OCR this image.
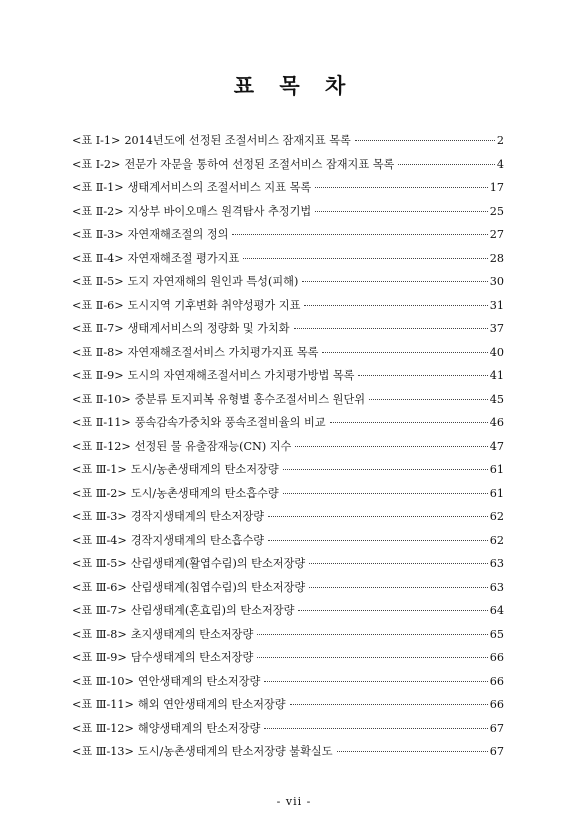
표 목 차
<표 Ⅰ-1> 2014년도에 선정된 조절서비스 잠재지표 목록	2
<표 Ⅰ-2> 전문가 자문을 통하여 선정된 조절서비스 잠재지표 목록	4
<표 Ⅱ-1> 생태계서비스의 조절서비스 지표 목록	17
<표 Ⅱ-2> 지상부 바이오매스 원격탐사 추정기법	25
<표 Ⅱ-3> 자연재해조절의 정의	27
<표 Ⅱ-4> 자연재해조절 평가지표	28
<표 Ⅱ-5> 도지 자연재해의 원인과 특성(피해)	30
<표 Ⅱ-6> 도시지역 기후변화 취약성평가 지표	31
<표 Ⅱ-7> 생태계서비스의 정량화 및 가치화	37
<표 Ⅱ-8> 자연재해조절서비스 가치평가지표 목록	40
<표 Ⅱ-9> 도시의 자연재해조절서비스 가치평가방법 목록	41
<표 Ⅱ-10> 중분류 토지피복 유형별 홍수조절서비스 원단위	45
<표 Ⅱ-11> 풍속감속가중치와 풍속조절비율의 비교	46
<표 Ⅱ-12> 선정된 물 유출잠재능(CN) 지수	47
<표 Ⅲ-1> 도시/농촌생태계의 탄소저장량	61
<표 Ⅲ-2> 도시/농촌생태계의 탄소흡수량	61
<표 Ⅲ-3> 경작지생태계의 탄소저장량	62
<표 Ⅲ-4> 경작지생태계의 탄소흡수량	62
<표 Ⅲ-5> 산림생태계(활엽수림)의 탄소저장량	63
<표 Ⅲ-6> 산림생태계(침엽수림)의 탄소저장량	63
<표 Ⅲ-7> 산림생태계(혼효림)의 탄소저장량	64
<표 Ⅲ-8> 초지생태계의 탄소저장량	65
<표 Ⅲ-9> 담수생태계의 탄소저장량	66
<표 Ⅲ-10> 연안생태계의 탄소저장량	66
<표 Ⅲ-11> 해외 연안생태계의 탄소저장량	66
<표 Ⅲ-12> 해양생태계의 탄소저장량	67
<표 Ⅲ-13> 도시/농촌생태계의 탄소저장량 불확실도	67
- vii -
